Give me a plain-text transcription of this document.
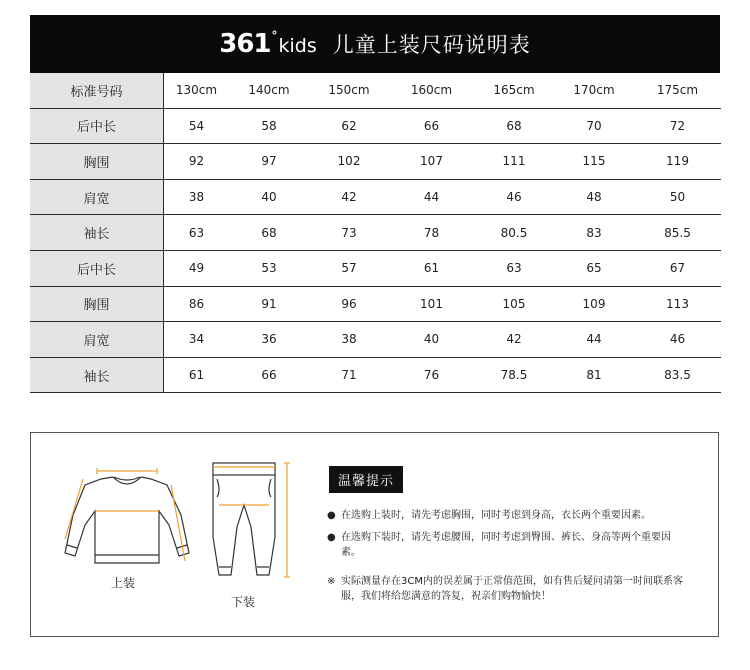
361 ° kids 儿童上装尺码说明表
标准号码	130cm	140cm	150cm	160cm	165cm	170cm	175cm
后中长	54	58	62	66	68	70	72
胸围	92	97	102	107	111	115	119
肩宽	38	40	42	44	46	48	50
袖长	63	68	73	78	80.5	83	85.5
后中长	49	53	57	61	63	65	67
胸围	86	91	96	101	105	109	113
肩宽	34	36	38	40	42	44	46
袖长	61	66	71	76	78.5	81	83.5
上装
下装
温馨提示
● 在选购上装时，请先考虑胸围，同时考虑到身高，衣长两个重要因素。
● 在选购下装时，请先考虑腰围，同时考虑到臀围、裤长、身高等两个重要因素。
※ 实际测量存在3CM内的误差属于正常值范围，如有售后疑问请第一时间联系客服，我们将给您满意的答复，祝亲们购物愉快！
